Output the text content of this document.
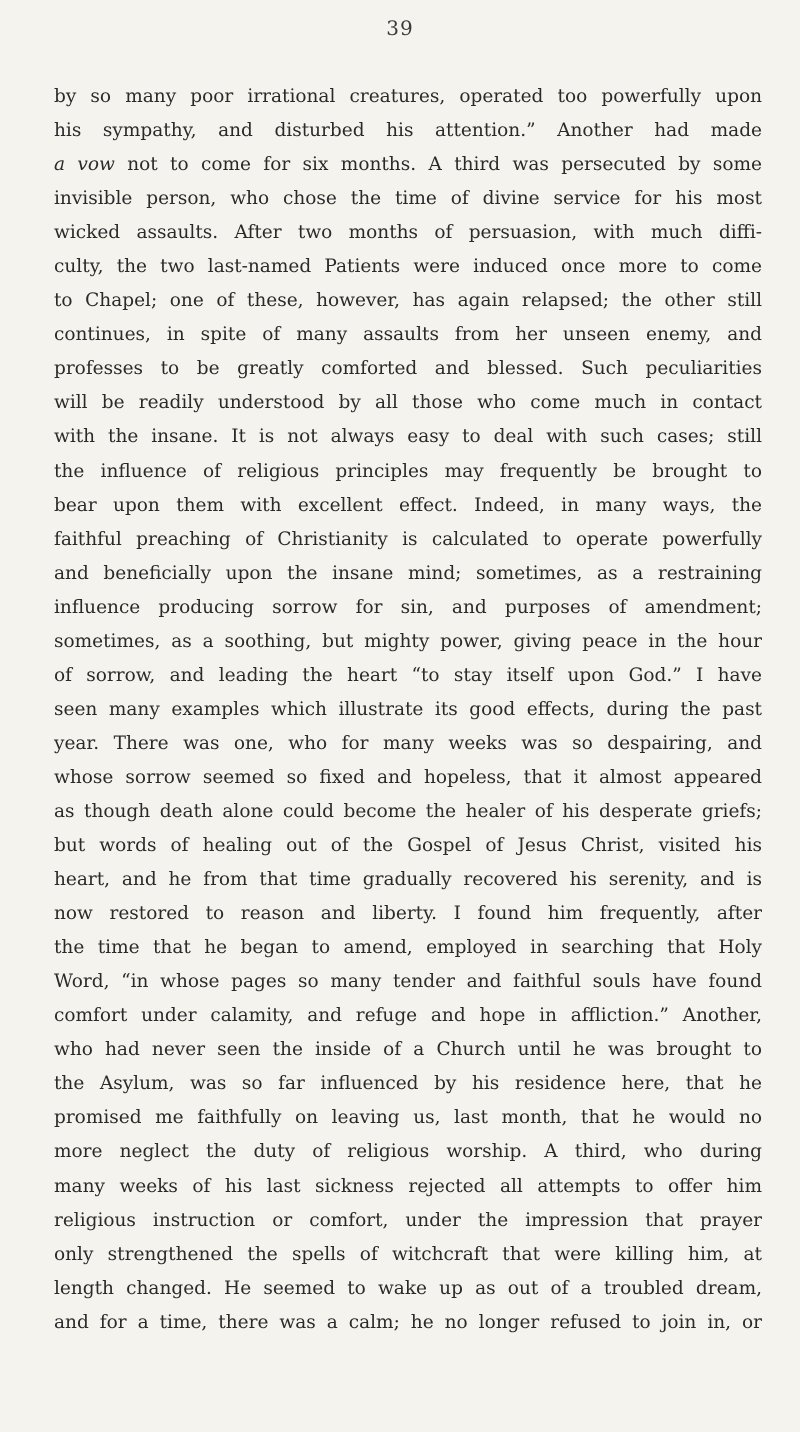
39
by so many poor irrational creatures, operated too powerfully upon
his sympathy, and disturbed his attention.” Another had made
a vow not to come for six months. A third was persecuted by some
invisible person, who chose the time of divine service for his most
wicked assaults. After two months of persuasion, with much diffi-
culty, the two last-named Patients were induced once more to come
to Chapel; one of these, however, has again relapsed; the other still
continues, in spite of many assaults from her unseen enemy, and
professes to be greatly comforted and blessed. Such peculiarities
will be readily understood by all those who come much in contact
with the insane. It is not always easy to deal with such cases; still
the influence of religious principles may frequently be brought to
bear upon them with excellent effect. Indeed, in many ways, the
faithful preaching of Christianity is calculated to operate powerfully
and beneficially upon the insane mind; sometimes, as a restraining
influence producing sorrow for sin, and purposes of amendment;
sometimes, as a soothing, but mighty power, giving peace in the hour
of sorrow, and leading the heart “to stay itself upon God.” I have
seen many examples which illustrate its good effects, during the past
year. There was one, who for many weeks was so despairing, and
whose sorrow seemed so fixed and hopeless, that it almost appeared
as though death alone could become the healer of his desperate griefs;
but words of healing out of the Gospel of Jesus Christ, visited his
heart, and he from that time gradually recovered his serenity, and is
now restored to reason and liberty. I found him frequently, after
the time that he began to amend, employed in searching that Holy
Word, “in whose pages so many tender and faithful souls have found
comfort under calamity, and refuge and hope in affliction.” Another,
who had never seen the inside of a Church until he was brought to
the Asylum, was so far influenced by his residence here, that he
promised me faithfully on leaving us, last month, that he would no
more neglect the duty of religious worship. A third, who during
many weeks of his last sickness rejected all attempts to offer him
religious instruction or comfort, under the impression that prayer
only strengthened the spells of witchcraft that were killing him, at
length changed. He seemed to wake up as out of a troubled dream,
and for a time, there was a calm; he no longer refused to join in, or
